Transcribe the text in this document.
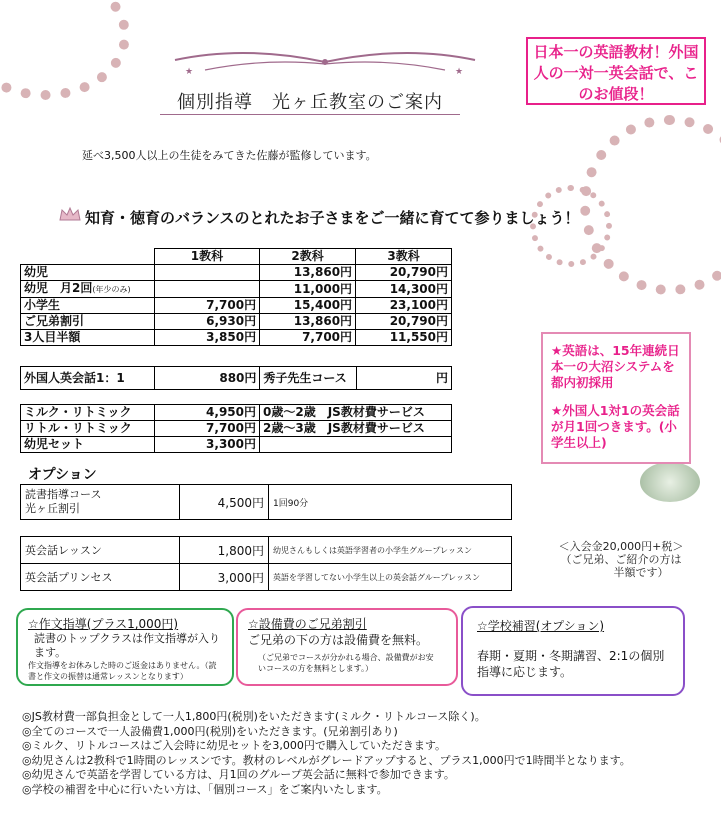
★	★
個別指導　光ヶ丘教室のご案内
日本一の英語教材！外国人の一対一英会話で、このお値段！
延べ3,500人以上の生徒をみてきた佐藤が監修しています。
知育・徳育のバランスのとれたお子さまをご一緒に育てて参りましょう！
	1教科	2教科	3教科
幼児		13,860円	20,790円
幼児　月2回(年少のみ)		11,000円	14,300円
小学生	7,700円	15,400円	23,100円
ご兄弟割引	6,930円	13,860円	20,790円
3人目半額	3,850円	7,700円	11,550円
外国人英会話1：1	880円	秀子先生コース	円
ミルク・リトミック	4,950円	0歳～2歳　JS教材費サービス
リトル・リトミック	7,700円	2歳～3歳　JS教材費サービス
幼児セット	3,300円	
オプション
読書指導コース
光ヶ丘割引	4,500円	1回90分
英会話レッスン	1,800円	幼児さんもしくは英語学習者の小学生グループレッスン
英会話プリンセス	3,000円	英語を学習してない小学生以上の英会話グループレッスン
＜入会金20,000円+税＞
（ご兄弟、ご紹介の方は
半額です）
★英語は、15年連続日本一の大沼システムを都内初採用
★外国人1対1の英会話が月1回つきます。(小学生以上)
☆作文指導(プラス1,000円)
読書のトップクラスは作文指導が入ります。
作文指導をお休みした時のご返金はありません。（読書と作文の振替は通常レッスンとなります）
☆設備費のご兄弟割引
ご兄弟の下の方は設備費を無料。
（ご兄弟でコースが分かれる場合、設備費がお安いコースの方を無料とします。）
☆学校補習(オプション)
春期・夏期・冬期講習、2:1の個別指導に応じます。
◎JS教材費一部負担金として一人1,800円(税別)をいただきます(ミルク・リトルコース除く)。
◎全てのコースで一人設備費1,000円(税別)をいただきます。(兄弟割引あり)
◎ミルク、リトルコースはご入会時に幼児セットを3,000円で購入していただきます。
◎幼児さんは2教科で1時間のレッスンです。教材のレベルがグレードアップすると、プラス1,000円で1時間半となります。
◎幼児さんで英語を学習している方は、月1回のグループ英会話に無料で参加できます。
◎学校の補習を中心に行いたい方は、「個別コース」をご案内いたします。
